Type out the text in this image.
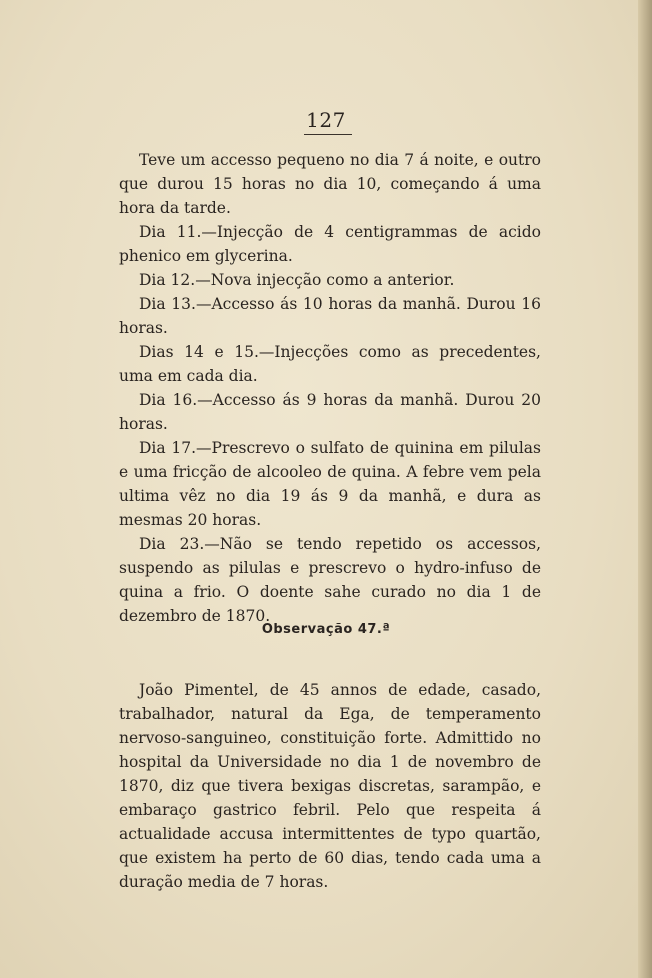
127

Teve um accesso pequeno no dia 7 á noite, e outro que durou 15 horas no dia 10, começando á uma hora da tarde.

Dia 11.—Injecção de 4 centigrammas de acido phenico em glycerina.

Dia 12.—Nova injecção como a anterior.

Dia 13.—Accesso ás 10 horas da manhã. Durou 16 horas.

Dias 14 e 15.—Injecções como as precedentes, uma em cada dia.

Dia 16.—Accesso ás 9 horas da manhã. Durou 20 horas.

Dia 17.—Prescrevo o sulfato de quinina em pilulas e uma fricção de alcooleo de quina. A febre vem pela ultima vêz no dia 19 ás 9 da manhã, e dura as mesmas 20 horas.

Dia 23.—Não se tendo repetido os accessos, suspendo as pilulas e prescrevo o hydro-infuso de quina a frio. O doente sahe curado no dia 1 de dezembro de 1870.

Observação 47.ª

João Pimentel, de 45 annos de edade, casado, trabalhador, natural da Ega, de temperamento nervoso-sanguineo, constituição forte. Admittido no hospital da Universidade no dia 1 de novembro de 1870, diz que tivera bexigas discretas, sarampão, e embaraço gastrico febril. Pelo que respeita á actualidade accusa intermittentes de typo quartão, que existem ha perto de 60 dias, tendo cada uma a duração media de 7 horas.
